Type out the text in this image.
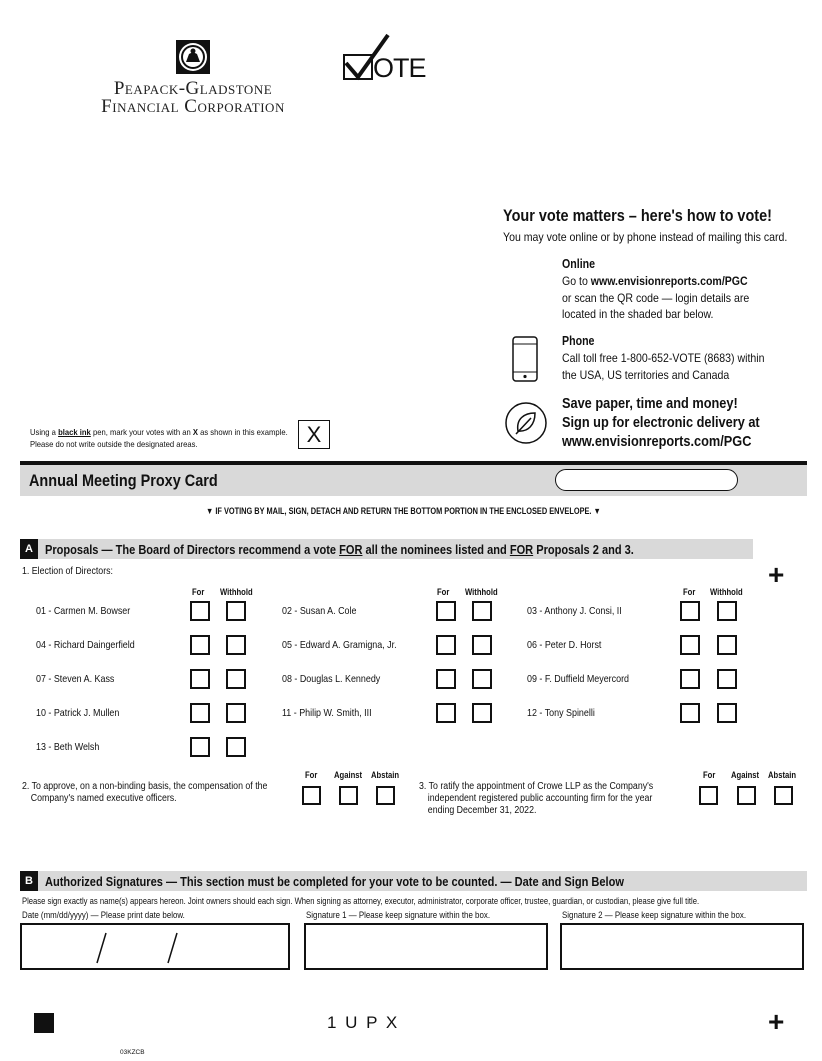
Peapack-Gladstone
Financial Corporation
OTE
Your vote matters – here's how to vote!
You may vote online or by phone instead of mailing this card.
Online
Go to www.envisionreports.com/PGC
or scan the QR code — login details are
located in the shaded bar below.
Phone
Call toll free 1-800-652-VOTE (8683) within
the USA, US territories and Canada
Save paper, time and money!
Sign up for electronic delivery at
www.envisionreports.com/PGC
Using a black ink pen, mark your votes with an X as shown in this example.
Please do not write outside the designated areas.	X
Annual Meeting Proxy Card
▼ IF VOTING BY MAIL, SIGN, DETACH AND RETURN THE BOTTOM PORTION IN THE ENCLOSED ENVELOPE. ▼
A Proposals — The Board of Directors recommend a vote FOR all the nominees listed and FOR Proposals 2 and 3.
+
1. Election of Directors:
For Withhold	For Withhold	For Withhold
01 - Carmen M. Bowser	02 - Susan A. Cole	03 - Anthony J. Consi, II
04 - Richard Daingerfield	05 - Edward A. Gramigna, Jr.	06 - Peter D. Horst
07 - Steven A. Kass	08 - Douglas L. Kennedy	09 - F. Duffield Meyercord
10 - Patrick J. Mullen	11 - Philip W. Smith, III	12 - Tony Spinelli
13 - Beth Welsh
2. To approve, on a non-binding basis, the compensation of the
Company's named executive officers.
For Against Abstain
3. To ratify the appointment of Crowe LLP as the Company's
independent registered public accounting firm for the year
ending December 31, 2022.
For Against Abstain
B Authorized Signatures — This section must be completed for your vote to be counted. — Date and Sign Below
Please sign exactly as name(s) appears hereon. Joint owners should each sign. When signing as attorney, executor, administrator, corporate officer, trustee, guardian, or custodian, please give full title.
Date (mm/dd/yyyy) — Please print date below.	Signature 1 — Please keep signature within the box.	Signature 2 — Please keep signature within the box.
1 U P X	+
03KZCB
